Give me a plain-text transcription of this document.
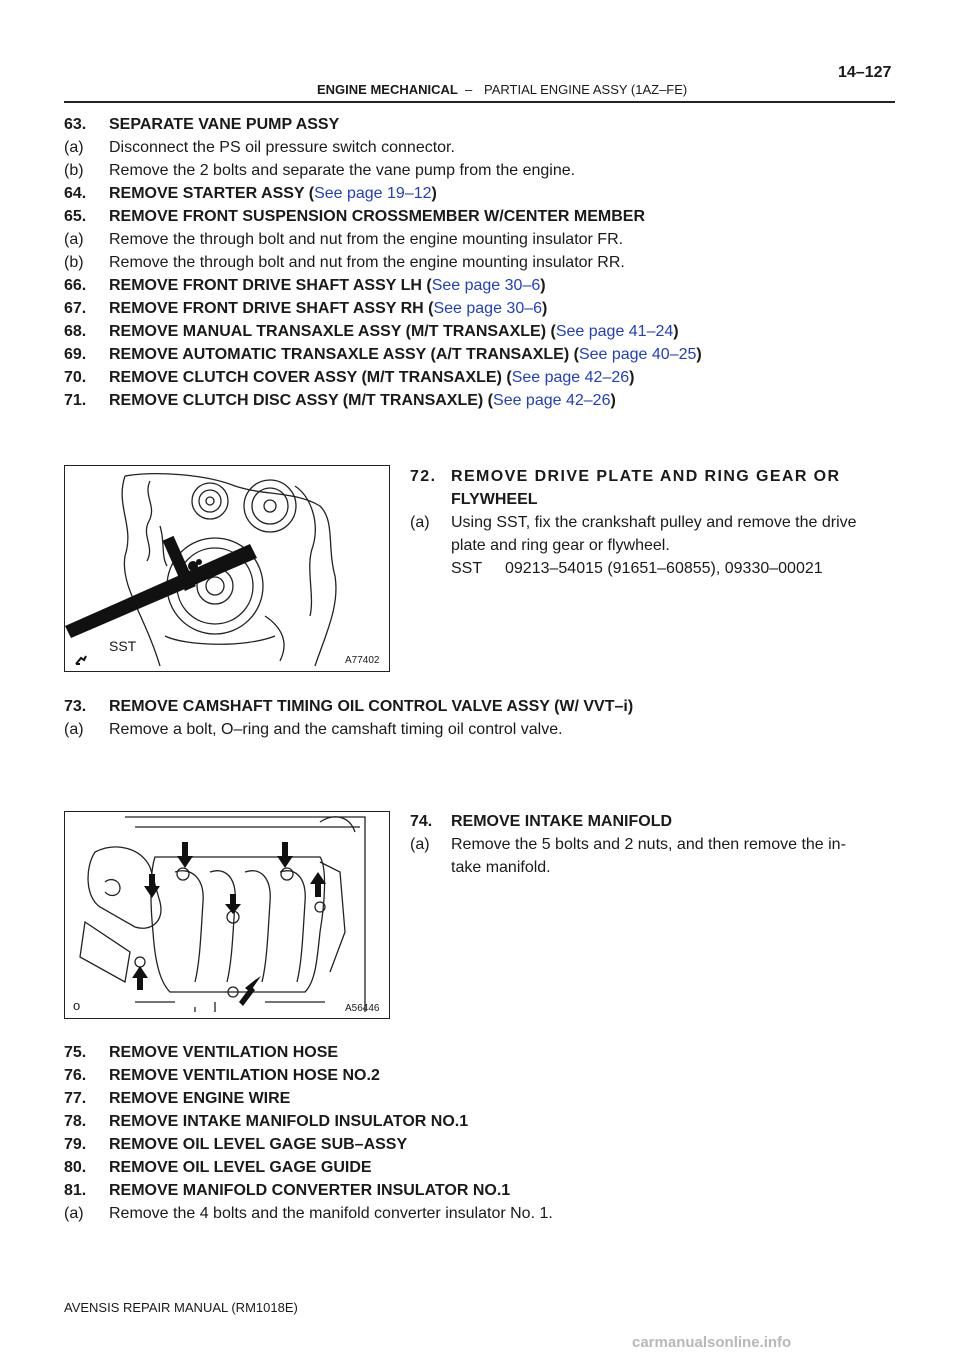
14–127
ENGINE MECHANICAL – PARTIAL ENGINE ASSY (1AZ–FE)
63. SEPARATE VANE PUMP ASSY
(a) Disconnect the PS oil pressure switch connector.
(b) Remove the 2 bolts and separate the vane pump from the engine.
64. REMOVE STARTER ASSY (See page 19–12)
65. REMOVE FRONT SUSPENSION CROSSMEMBER W/CENTER MEMBER
(a) Remove the through bolt and nut from the engine mounting insulator FR.
(b) Remove the through bolt and nut from the engine mounting insulator RR.
66. REMOVE FRONT DRIVE SHAFT ASSY LH (See page 30–6)
67. REMOVE FRONT DRIVE SHAFT ASSY RH (See page 30–6)
68. REMOVE MANUAL TRANSAXLE ASSY (M/T TRANSAXLE) (See page 41–24)
69. REMOVE AUTOMATIC TRANSAXLE ASSY (A/T TRANSAXLE) (See page 40–25)
70. REMOVE CLUTCH COVER ASSY (M/T TRANSAXLE) (See page 42–26)
71. REMOVE CLUTCH DISC ASSY (M/T TRANSAXLE) (See page 42–26)
SST
A77402
72. REMOVE DRIVE PLATE AND RING GEAR OR
FLYWHEEL
(a) Using SST, fix the crankshaft pulley and remove the drive
plate and ring gear or flywheel.
SST 09213–54015 (91651–60855), 09330–00021
73. REMOVE CAMSHAFT TIMING OIL CONTROL VALVE ASSY (W/ VVT–i)
(a) Remove a bolt, O–ring and the camshaft timing oil control valve.
o	A56446
74. REMOVE INTAKE MANIFOLD
(a) Remove the 5 bolts and 2 nuts, and then remove the in-
take manifold.
75. REMOVE VENTILATION HOSE
76. REMOVE VENTILATION HOSE NO.2
77. REMOVE ENGINE WIRE
78. REMOVE INTAKE MANIFOLD INSULATOR NO.1
79. REMOVE OIL LEVEL GAGE SUB–ASSY
80. REMOVE OIL LEVEL GAGE GUIDE
81. REMOVE MANIFOLD CONVERTER INSULATOR NO.1
(a) Remove the 4 bolts and the manifold converter insulator No. 1.
AVENSIS REPAIR MANUAL (RM1018E)
carmanualsonline.info
